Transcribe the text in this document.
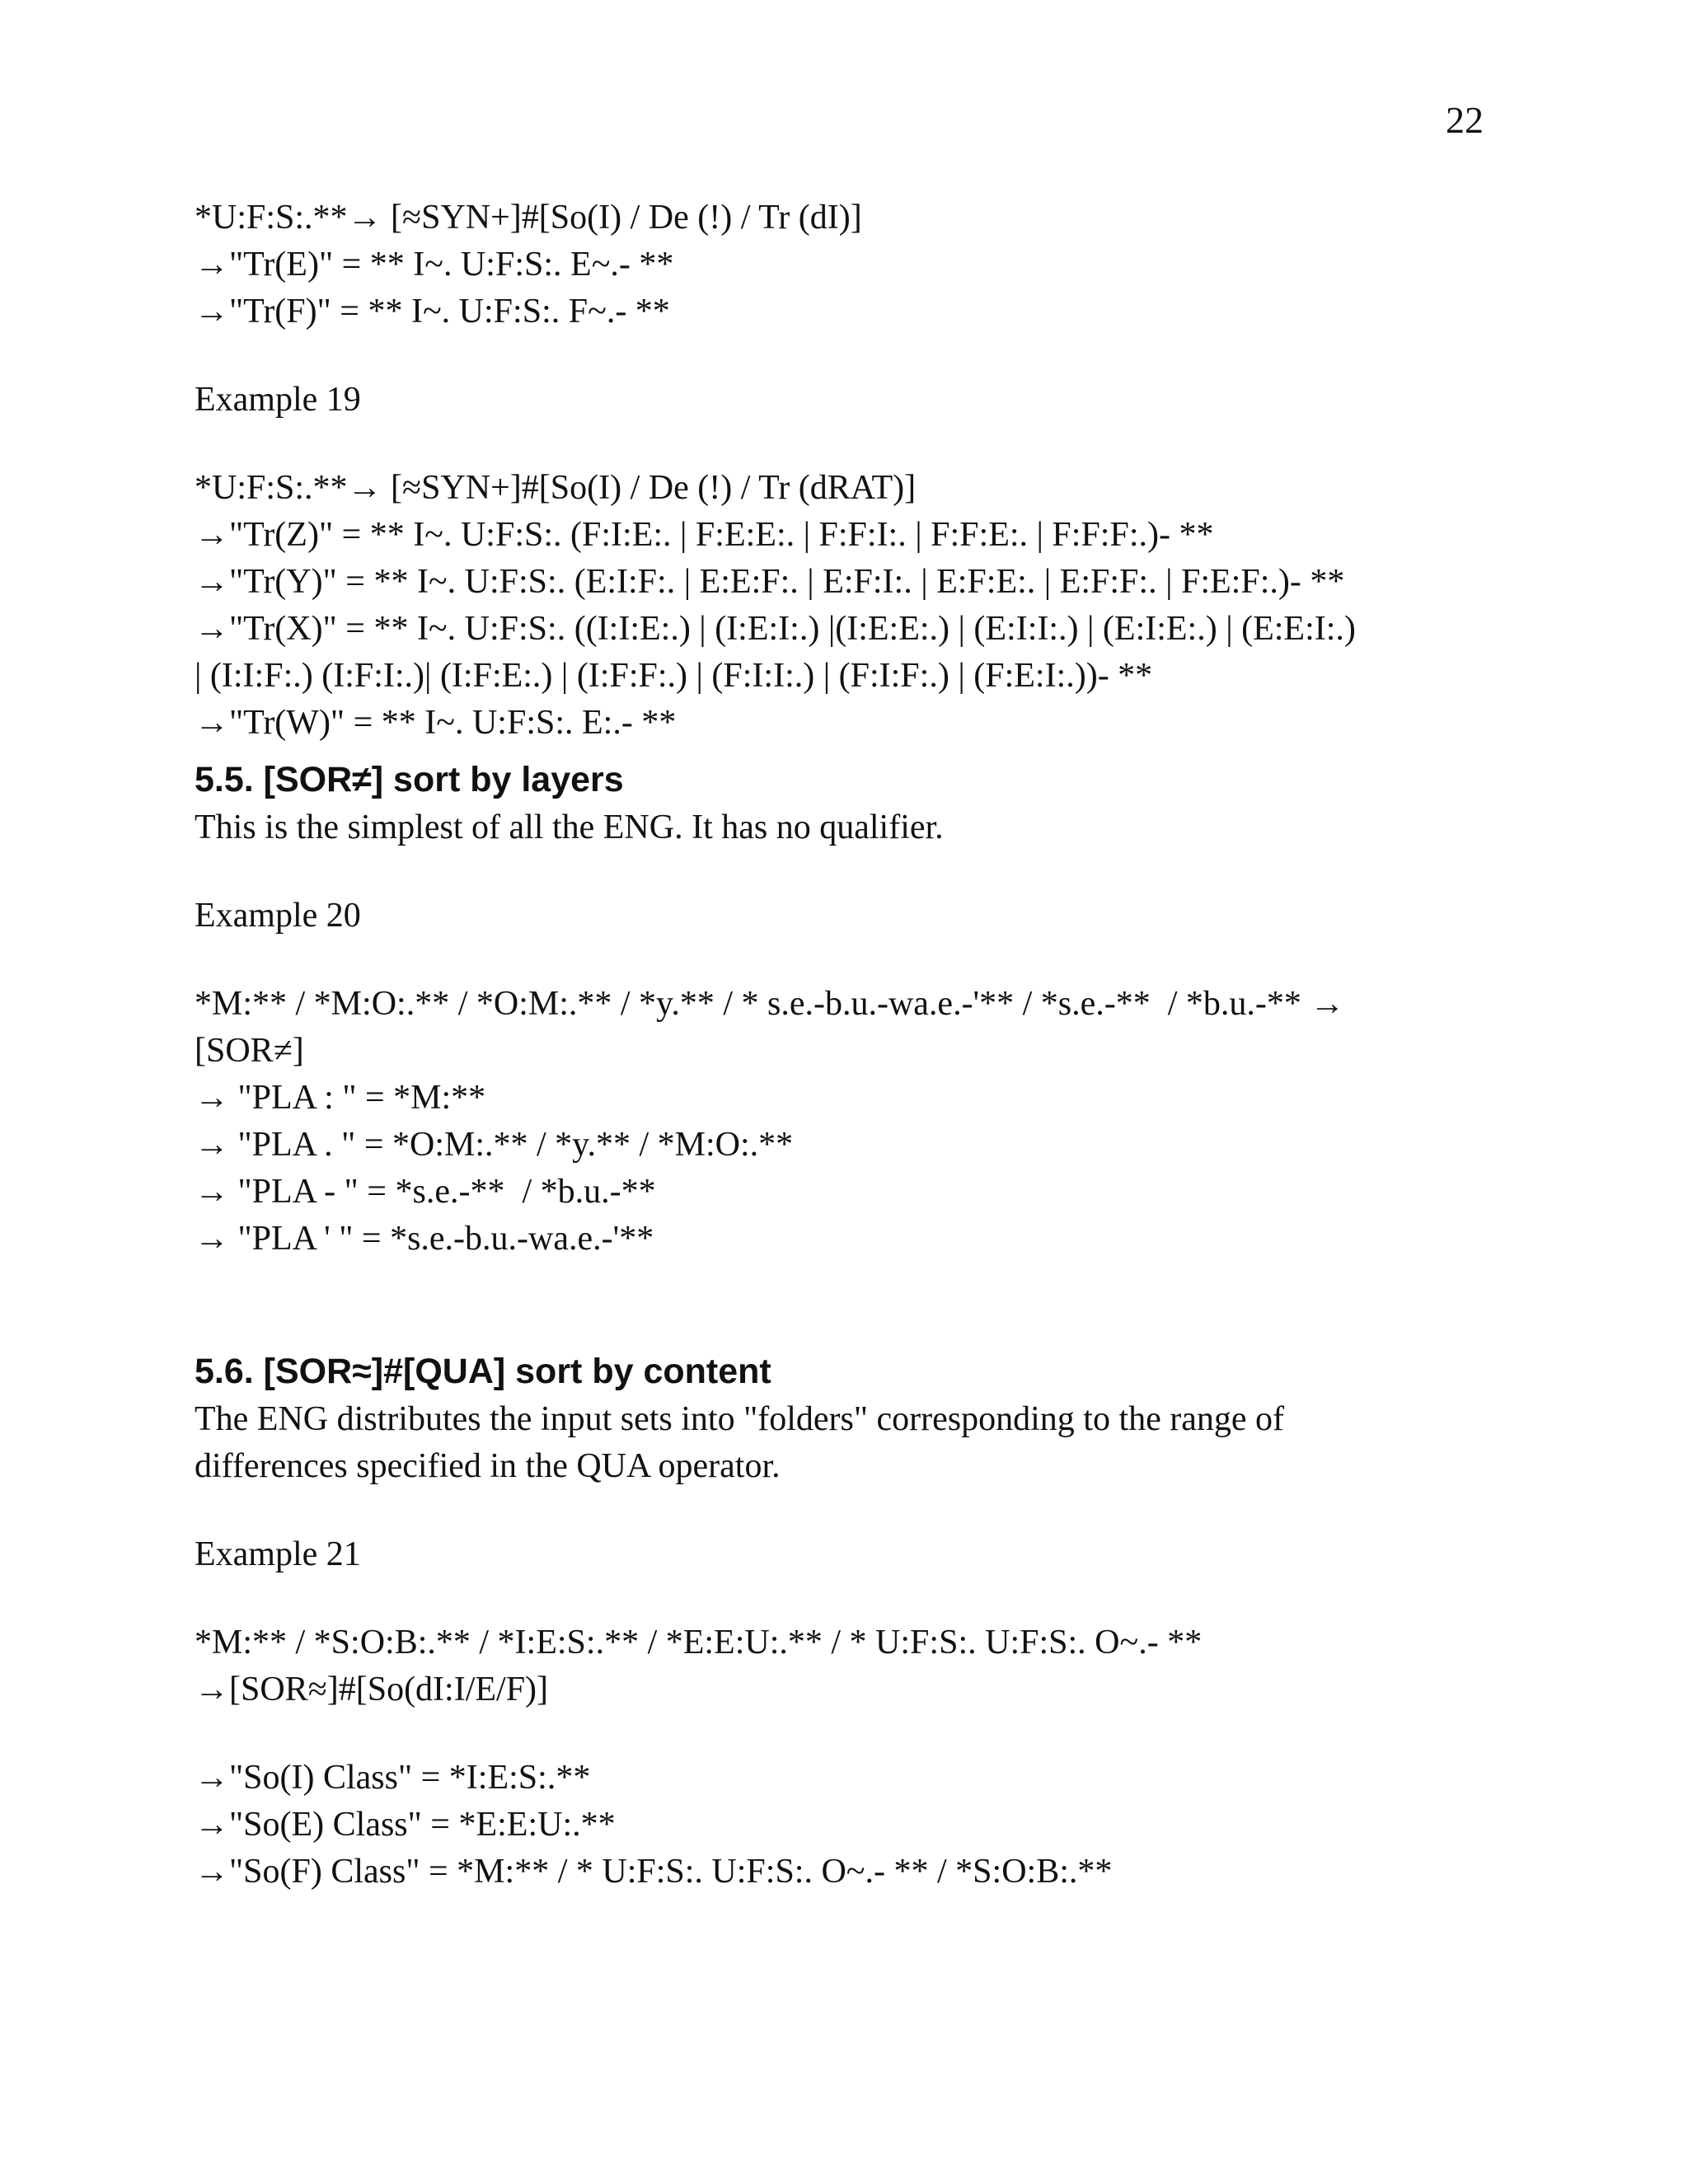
22
*U:F:S:.**→ [≈SYN+]#[So(I) / De (!) / Tr (dI)]
→"Tr(E)" = ** I~. U:F:S:. E~.- **
→"Tr(F)" = ** I~. U:F:S:. F~.- **
Example 19
*U:F:S:.**→ [≈SYN+]#[So(I) / De (!) / Tr (dRAT)]
→"Tr(Z)" = ** I~. U:F:S:. (F:I:E:. | F:E:E:. | F:F:I:. | F:F:E:. | F:F:F:.)- **
→"Tr(Y)" = ** I~. U:F:S:. (E:I:F:. | E:E:F:. | E:F:I:. | E:F:E:. | E:F:F:. | F:E:F:.)- **
→"Tr(X)" = ** I~. U:F:S:. ((I:I:E:.) | (I:E:I:.) |(I:E:E:.) | (E:I:I:.) | (E:I:E:.) | (E:E:I:.)
| (I:I:F:.) (I:F:I:.)| (I:F:E:.) | (I:F:F:.) | (F:I:I:.) | (F:I:F:.) | (F:E:I:.))- **
→"Tr(W)" = ** I~. U:F:S:. E:.- **
5.5. [SOR≠] sort by layers
This is the simplest of all the ENG. It has no qualifier.
Example 20
*M:** / *M:O:.** / *O:M:.** / *y.** / * s.e.-b.u.-wa.e.-'** / *s.e.-**  / *b.u.-** →
[SOR≠]
→ "PLA : " = *M:**
→ "PLA . " = *O:M:.** / *y.** / *M:O:.**
→ "PLA - " = *s.e.-**  / *b.u.-**
→ "PLA ' " = *s.e.-b.u.-wa.e.-'**
5.6. [SOR≈]#[QUA] sort by content
The ENG distributes the input sets into "folders" corresponding to the range of
differences specified in the QUA operator.
Example 21
*M:** / *S:O:B:.** / *I:E:S:.** / *E:E:U:.** / * U:F:S:. U:F:S:. O~.- **
→[SOR≈]#[So(dI:I/E/F)]
→"So(I) Class" = *I:E:S:.**
→"So(E) Class" = *E:E:U:.**
→"So(F) Class" = *M:** / * U:F:S:. U:F:S:. O~.- ** / *S:O:B:.**
